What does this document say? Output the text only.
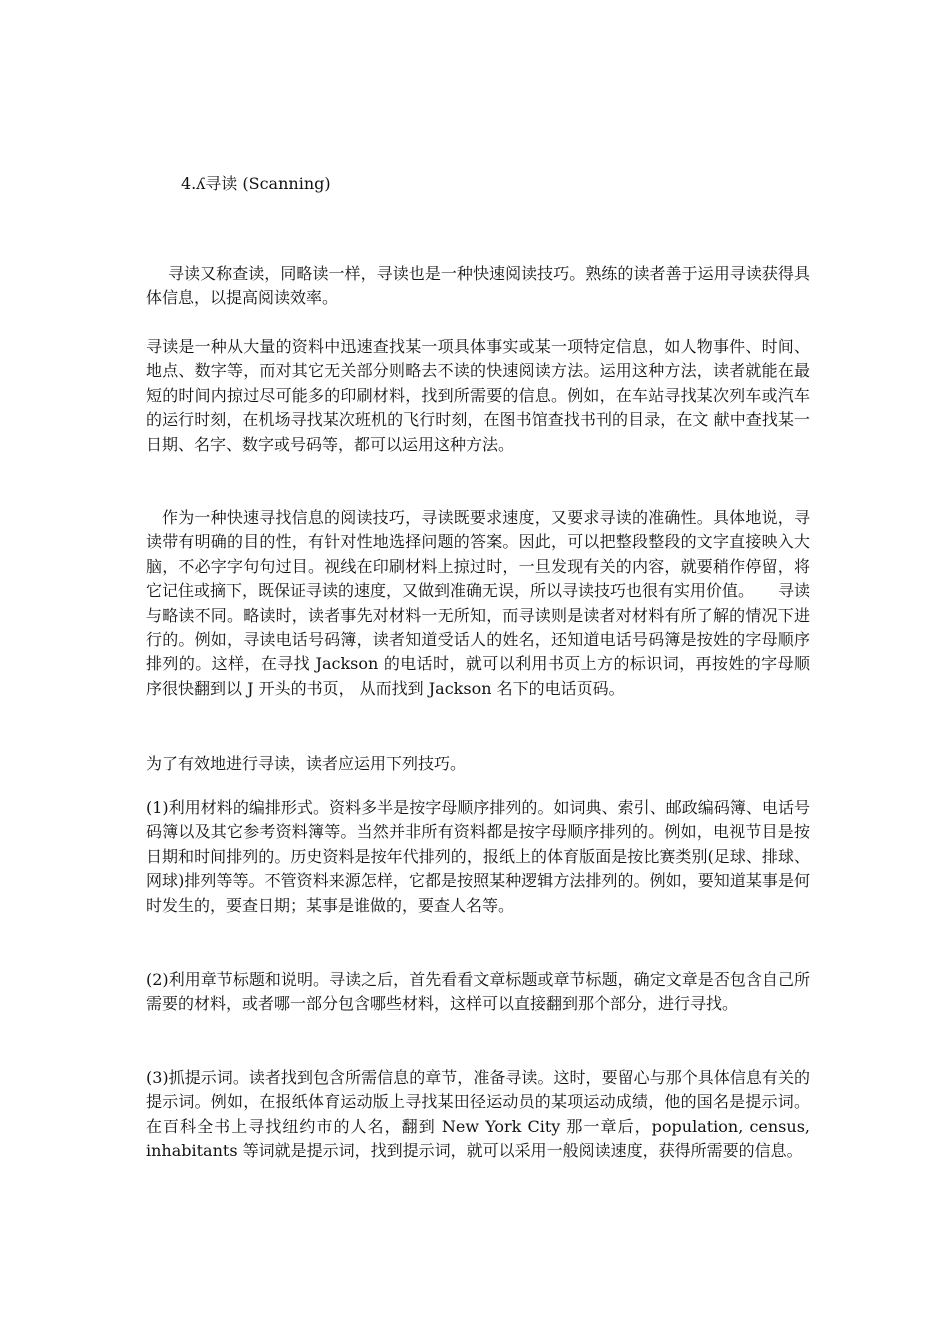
4.ʎ寻读 (Scanning)

寻读又称查读，同略读一样，寻读也是一种快速阅读技巧。熟练的读者善于运用寻读获得具体信息，以提高阅读效率。

寻读是一种从大量的资料中迅速查找某一项具体事实或某一项特定信息，如人物事件、时间、地点、数字等，而对其它无关部分则略去不读的快速阅读方法。运用这种方法，读者就能在最短的时间内掠过尽可能多的印刷材料，找到所需要的信息。例如，在车站寻找某次列车或汽车的运行时刻，在机场寻找某次班机的飞行时刻，在图书馆查找书刊的目录，在文 献中查找某一日期、名字、数字或号码等，都可以运用这种方法。

作为一种快速寻找信息的阅读技巧，寻读既要求速度，又要求寻读的准确性。具体地说，寻读带有明确的目的性，有针对性地选择问题的答案。因此，可以把整段整段的文字直接映入大脑，不必字字句句过目。视线在印刷材料上掠过时，一旦发现有关的内容，就要稍作停留，将它记住或摘下，既保证寻读的速度，又做到准确无误，所以寻读技巧也很有实用价值。　　寻读与略读不同。略读时，读者事先对材料一无所知，而寻读则是读者对材料有所了解的情况下进行的。例如，寻读电话号码簿，读者知道受话人的姓名，还知道电话号码簿是按姓的字母顺序排列的。这样，在寻找 Jackson 的电话时，就可以利用书页上方的标识词，再按姓的字母顺序很快翻到以 J 开头的书页， 从而找到 Jackson 名下的电话页码。

为了有效地进行寻读，读者应运用下列技巧。

(1)利用材料的编排形式。资料多半是按字母顺序排列的。如词典、索引、邮政编码簿、电话号码簿以及其它参考资料簿等。当然并非所有资料都是按字母顺序排列的。例如，电视节目是按日期和时间排列的。历史资料是按年代排列的，报纸上的体育版面是按比赛类别(足球、排球、网球)排列等等。不管资料来源怎样，它都是按照某种逻辑方法排列的。例如，要知道某事是何时发生的，要查日期；某事是谁做的，要查人名等。

(2)利用章节标题和说明。寻读之后，首先看看文章标题或章节标题，确定文章是否包含自己所需要的材料，或者哪一部分包含哪些材料，这样可以直接翻到那个部分，进行寻找。

(3)抓提示词。读者找到包含所需信息的章节，准备寻读。这时，要留心与那个具体信息有关的提示词。例如，在报纸体育运动版上寻找某田径运动员的某项运动成绩，他的国名是提示词。在百科全书上寻找纽约市的人名，翻到 New York City 那一章后，population, census, inhabitants 等词就是提示词，找到提示词，就可以采用一般阅读速度，获得所需要的信息。
